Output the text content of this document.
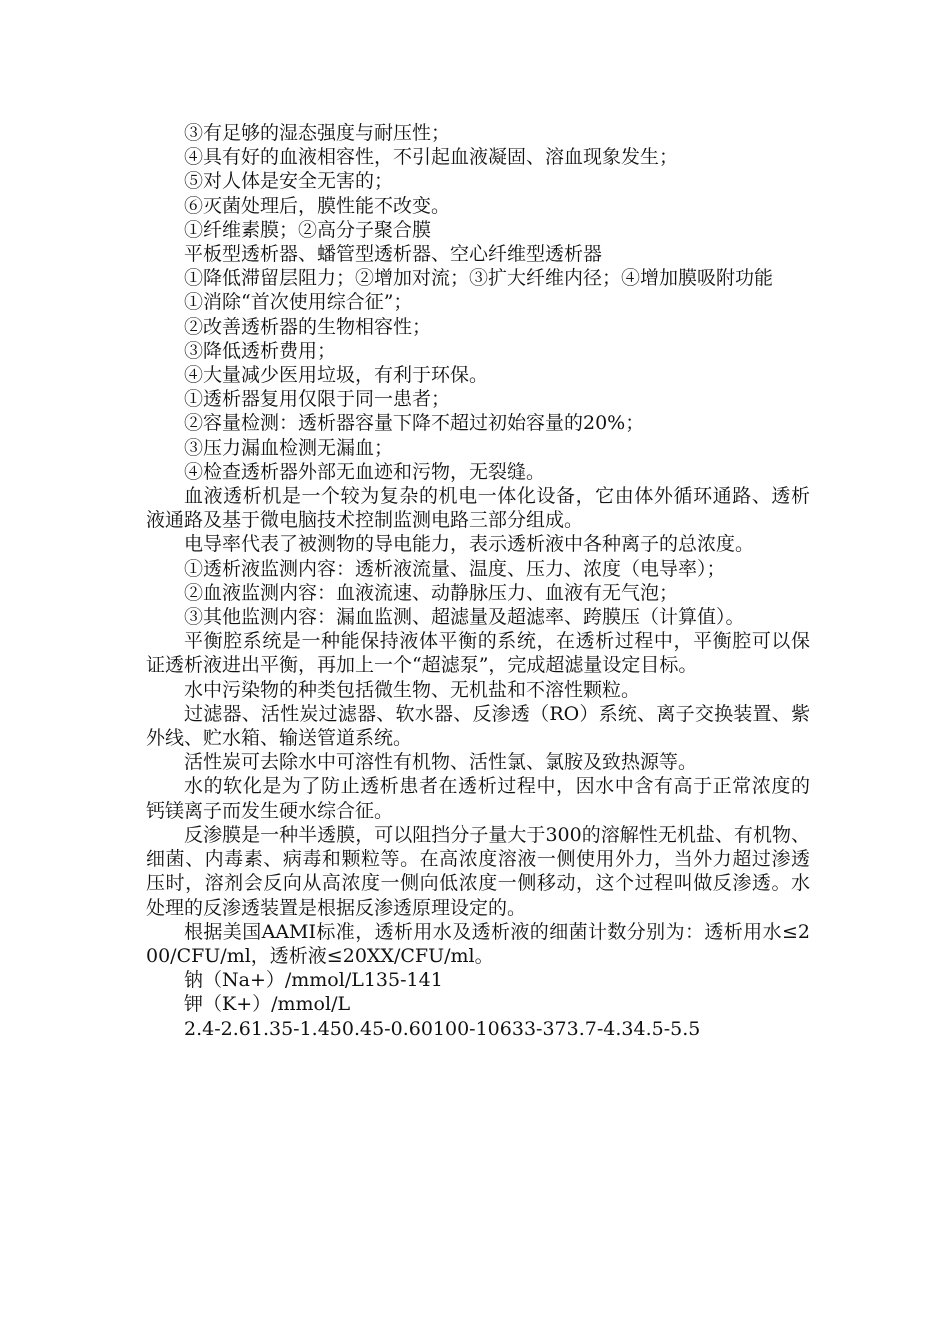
③有足够的湿态强度与耐压性；

④具有好的血液相容性，不引起血液凝固、溶血现象发生；

⑤对人体是安全无害的；

⑥灭菌处理后，膜性能不改变。

①纤维素膜；②高分子聚合膜

平板型透析器、蟠管型透析器、空心纤维型透析器

①降低滞留层阻力；②增加对流；③扩大纤维内径；④增加膜吸附功能

①消除“首次使用综合征”；

②改善透析器的生物相容性；

③降低透析费用；

④大量减少医用垃圾，有利于环保。

①透析器复用仅限于同一患者；

②容量检测：透析器容量下降不超过初始容量的20%；

③压力漏血检测无漏血；

④检查透析器外部无血迹和污物，无裂缝。

血液透析机是一个较为复杂的机电一体化设备，它由体外循环通路、透析液通路及基于微电脑技术控制监测电路三部分组成。

电导率代表了被测物的导电能力，表示透析液中各种离子的总浓度。

①透析液监测内容：透析液流量、温度、压力、浓度（电导率）；

②血液监测内容：血液流速、动静脉压力、血液有无气泡；

③其他监测内容：漏血监测、超滤量及超滤率、跨膜压（计算值）。

平衡腔系统是一种能保持液体平衡的系统，在透析过程中，平衡腔可以保证透析液进出平衡，再加上一个“超滤泵”，完成超滤量设定目标。

水中污染物的种类包括微生物、无机盐和不溶性颗粒。

过滤器、活性炭过滤器、软水器、反渗透（RO）系统、离子交换装置、紫外线、贮水箱、输送管道系统。

活性炭可去除水中可溶性有机物、活性氯、氯胺及致热源等。

水的软化是为了防止透析患者在透析过程中，因水中含有高于正常浓度的钙镁离子而发生硬水综合征。

反渗膜是一种半透膜，可以阻挡分子量大于300的溶解性无机盐、有机物、细菌、内毒素、病毒和颗粒等。在高浓度溶液一侧使用外力，当外力超过渗透压时，溶剂会反向从高浓度一侧向低浓度一侧移动，这个过程叫做反渗透。水处理的反渗透装置是根据反渗透原理设定的。

根据美国AAMI标准，透析用水及透析液的细菌计数分别为：透析用水≤200/CFU/ml，透析液≤20XX/CFU/ml。

钠（Na+）/mmol/L135-141

钾（K+）/mmol/L

2.4-2.61.35-1.450.45-0.60100-10633-373.7-4.34.5-5.5
